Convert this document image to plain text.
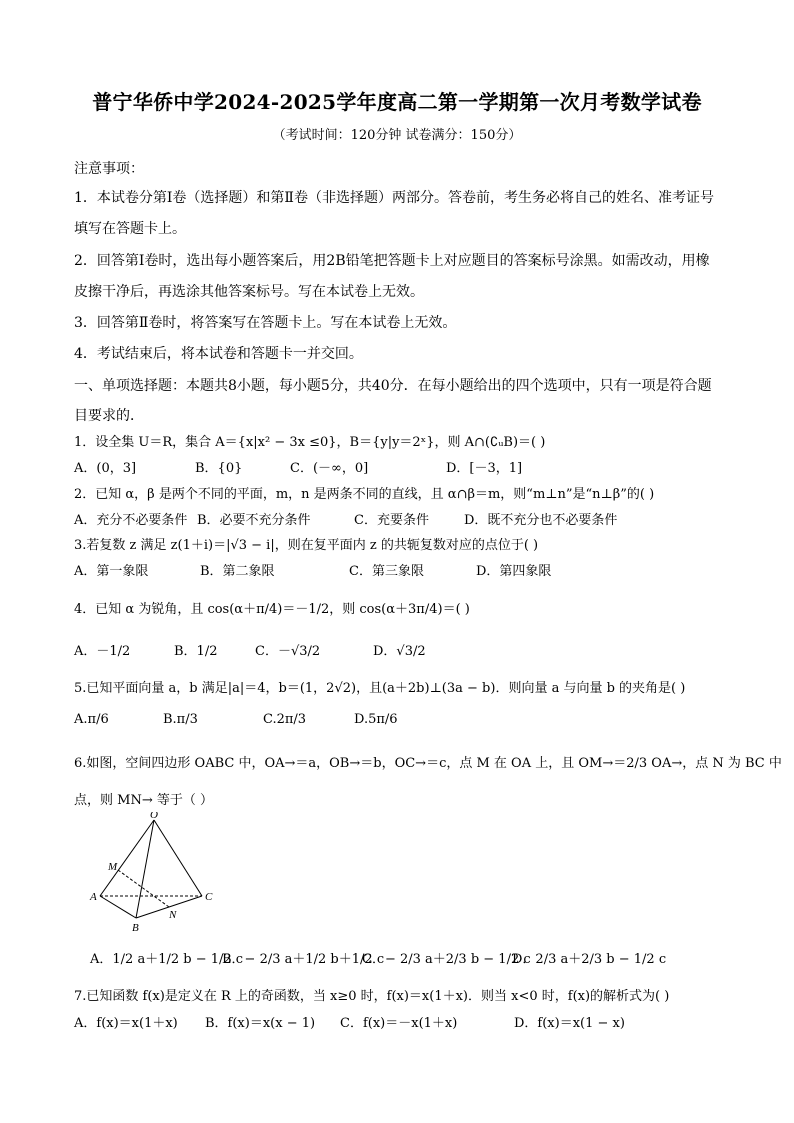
普宁华侨中学2024-2025学年度高二第一学期第一次月考数学试卷
（考试时间：120分钟 试卷满分：150分）
注意事项：
1．本试卷分第Ⅰ卷（选择题）和第Ⅱ卷（非选择题）两部分。答卷前，考生务必将自己的姓名、准考证号
填写在答题卡上。
2．回答第Ⅰ卷时，选出每小题答案后，用2B铅笔把答题卡上对应题目的答案标号涂黑。如需改动，用橡
皮擦干净后，再选涂其他答案标号。写在本试卷上无效。
3．回答第Ⅱ卷时，将答案写在答题卡上。写在本试卷上无效。
4．考试结束后，将本试卷和答题卡一并交回。
一、单项选择题：本题共8小题，每小题5分，共40分．在每小题给出的四个选项中，只有一项是符合题
目要求的．
1．设全集 U＝R，集合 A＝{x|x² − 3x ≤0}，B＝{y|y＝2ˣ}，则 A∩(∁ᵤB)＝( )
A．(0，3]	B．{0}	C．(－∞，0]	D．[－3，1]
2．已知 α，β 是两个不同的平面，m，n 是两条不同的直线，且 α∩β＝m，则“m⊥n”是“n⊥β”的( )
A．充分不必要条件 B．必要不充分条件	C．充要条件	D．既不充分也不必要条件
3.若复数 z 满足 z(1＋i)＝|√3 − i|，则在复平面内 z 的共轭复数对应的点位于( )
A．第一象限	B．第二象限	C．第三象限	D．第四象限
4．已知 α 为锐角，且 cos(α＋π/4)＝－1/2，则 cos(α＋3π/4)＝( )
A．－1/2	B．1/2	C．－√3/2	D．√3/2
5.已知平面向量 a，b 满足|a|＝4，b＝(1，2√2)，且(a＋2b)⊥(3a − b)．则向量 a 与向量 b 的夹角是( )
A.π/6	B.π/3	C.2π/3	D.5π/6
6.如图，空间四边形 OABC 中，OA→＝a，OB→＝b，OC→＝c，点 M 在 OA 上，且 OM→＝2/3 OA→，点 N 为 BC 中
点，则 MN→ 等于（ ）
O
M
A
B
N
C
A．1/2 a＋1/2 b − 1/2 c
B．− 2/3 a＋1/2 b＋1/2 c
C．− 2/3 a＋2/3 b − 1/2 c
D．2/3 a＋2/3 b − 1/2 c
7.已知函数 f(x)是定义在 R 上的奇函数，当 x≥0 时，f(x)＝x(1＋x)．则当 x<0 时，f(x)的解析式为( )
A．f(x)＝x(1＋x) B．f(x)＝x(x − 1) C．f(x)＝－x(1＋x)	D．f(x)＝x(1 − x)
